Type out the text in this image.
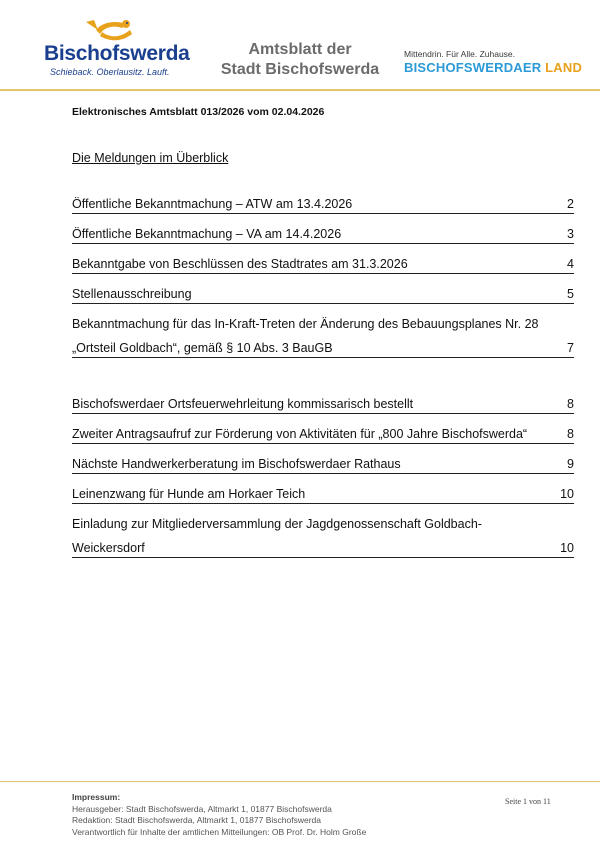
Bischofswerda
Schieback. Oberlausitz. Lauft.
Amtsblatt der
Stadt Bischofswerda
Mittendrin. Für Alle. Zuhause.
BISCHOFSWERDAER LAND
Elektronisches Amtsblatt 013/2026 vom 02.04.2026
Die Meldungen im Überblick
Öffentliche Bekanntmachung – ATW am 13.4.2026	2
Öffentliche Bekanntmachung – VA am 14.4.2026	3
Bekanntgabe von Beschlüssen des Stadtrates am 31.3.2026	4
Stellenausschreibung	5
Bekanntmachung für das In-Kraft-Treten der Änderung des Bebauungsplanes Nr. 28
„Ortsteil Goldbach“, gemäß § 10 Abs. 3 BauGB	7
Bischofswerdaer Ortsfeuerwehrleitung kommissarisch bestellt	8
Zweiter Antragsaufruf zur Förderung von Aktivitäten für „800 Jahre Bischofswerda“	8
Nächste Handwerkerberatung im Bischofswerdaer Rathaus	9
Leinenzwang für Hunde am Horkaer Teich	10
Einladung zur Mitgliederversammlung der Jagdgenossenschaft Goldbach-
Weickersdorf	10
Impressum:
Herausgeber: Stadt Bischofswerda, Altmarkt 1, 01877 Bischofswerda
Redaktion: Stadt Bischofswerda, Altmarkt 1, 01877 Bischofswerda
Verantwortlich für Inhalte der amtlichen Mitteilungen: OB Prof. Dr. Holm Große
Seite 1 von 11
